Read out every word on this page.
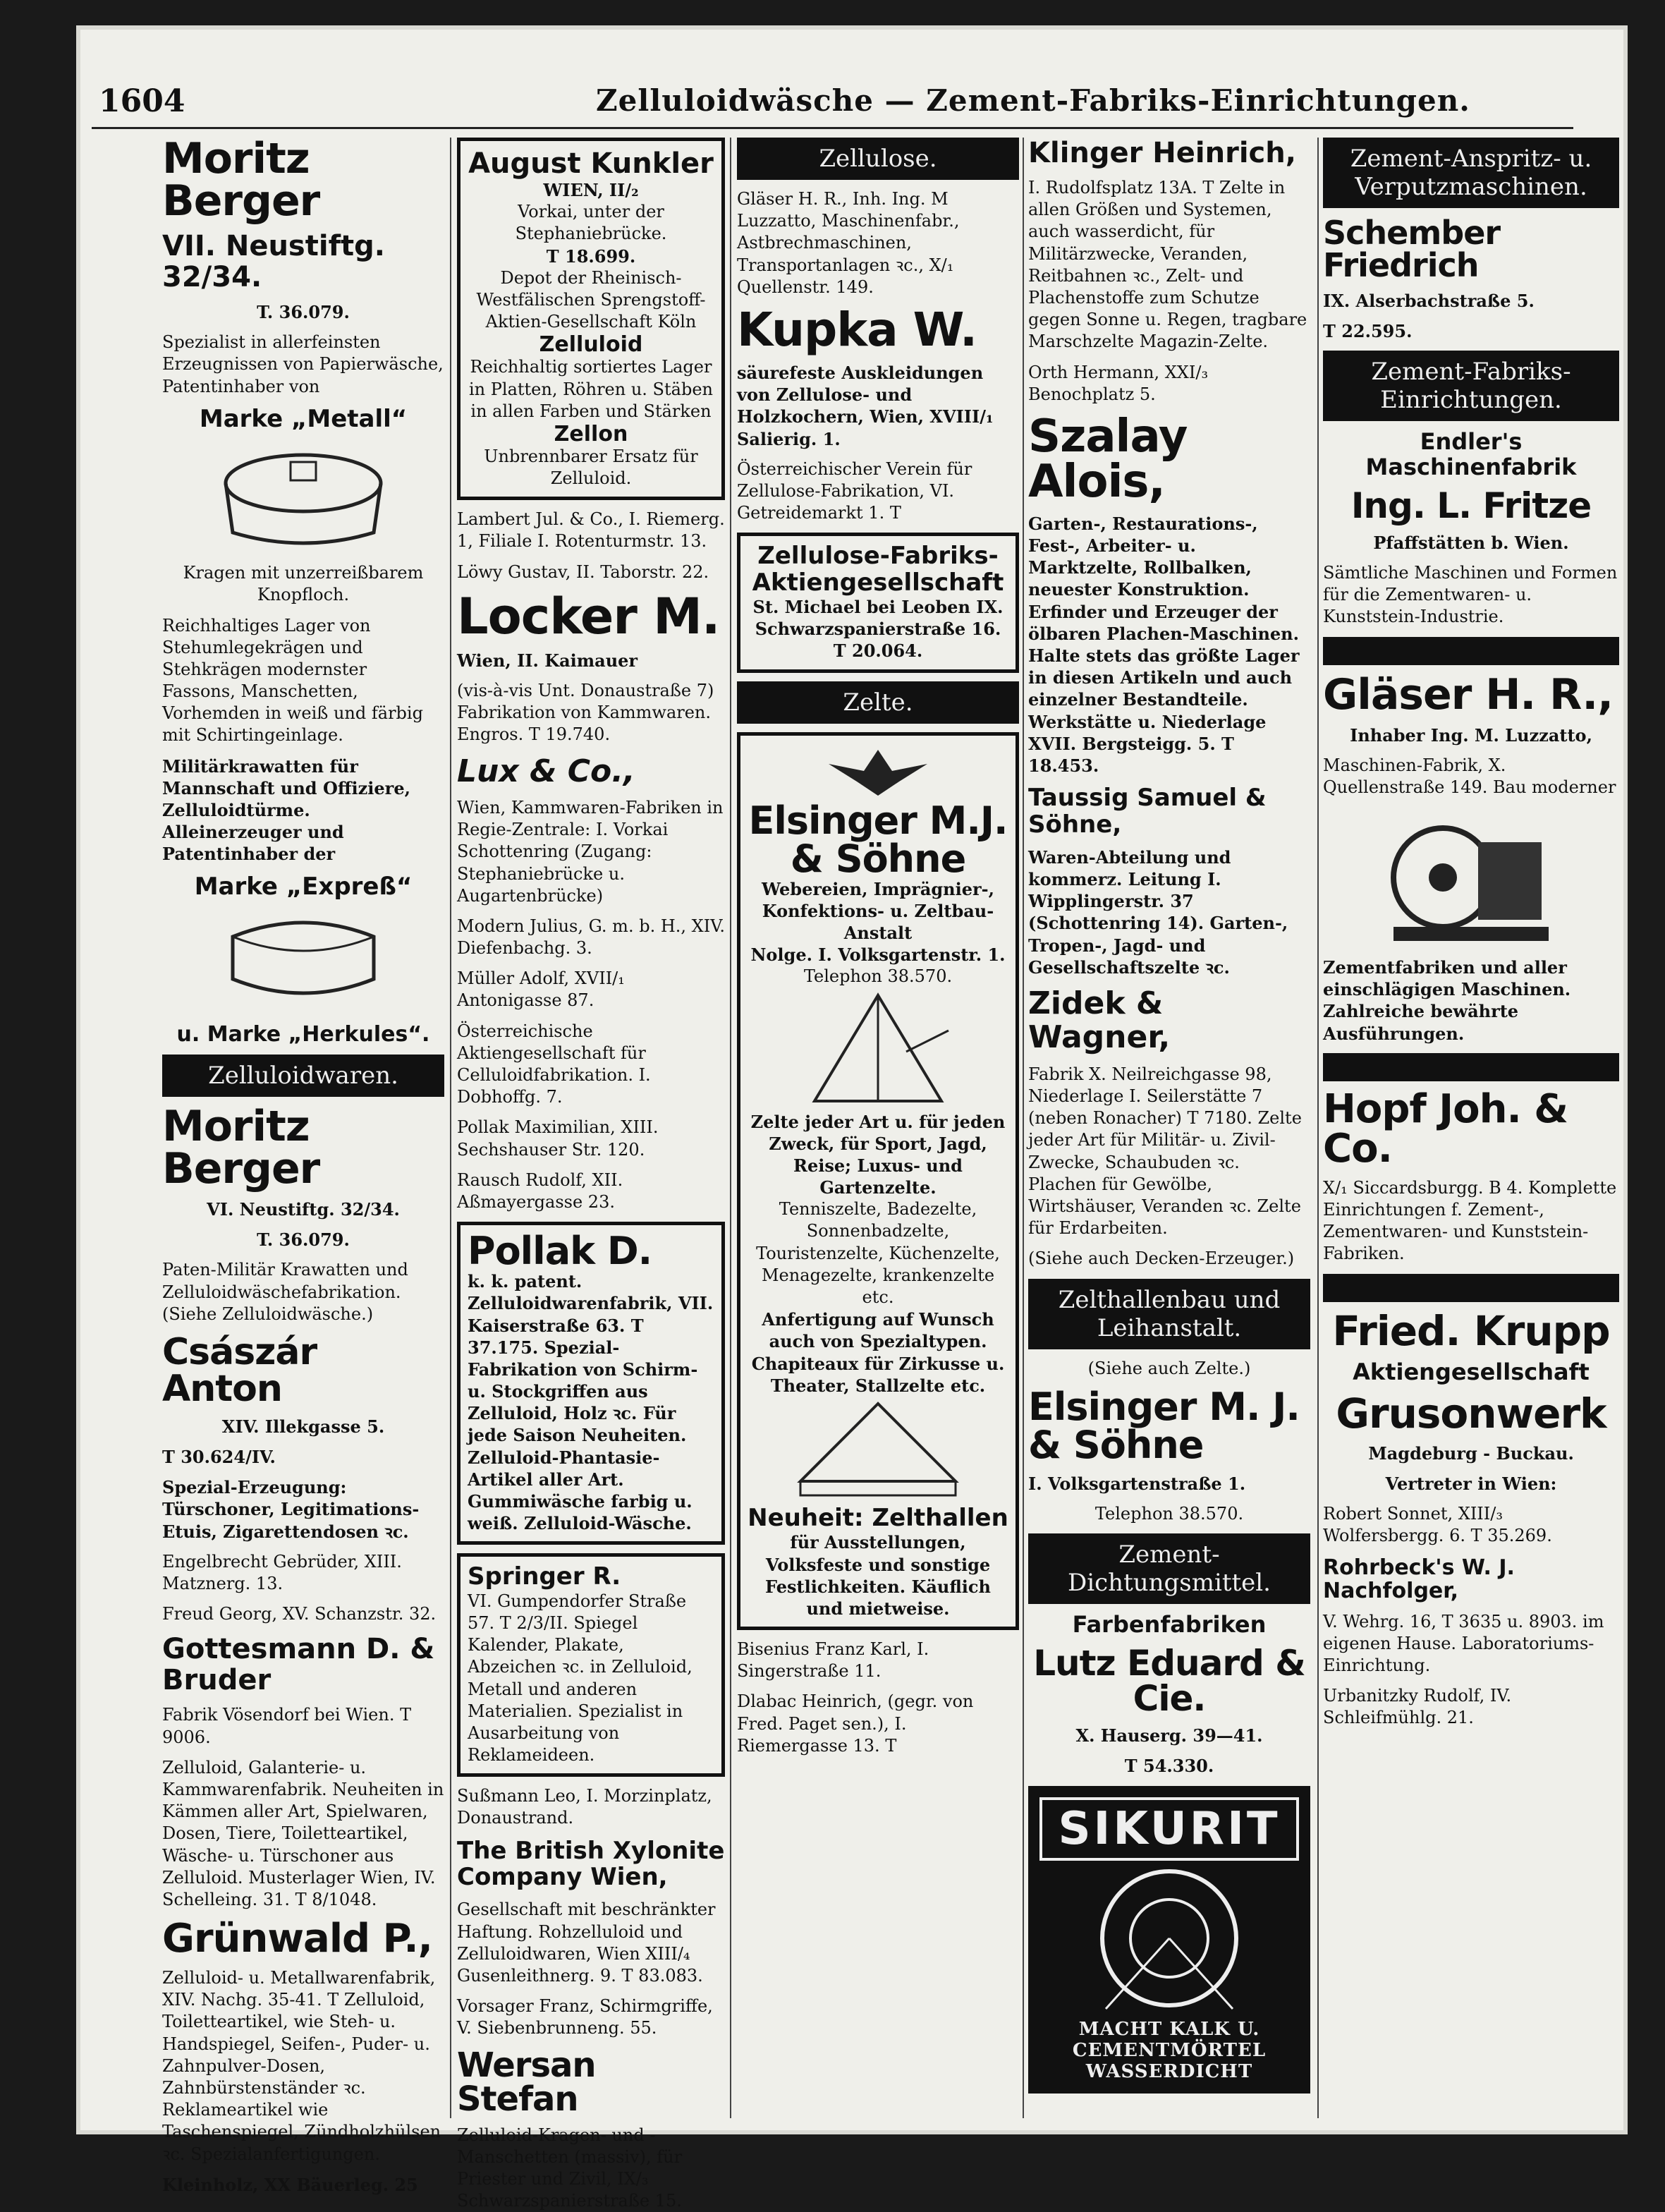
1604	Zelluloidwäsche — Zement-Fabriks-Einrichtungen.
Moritz Berger
VII. Neustiftg. 32/34.
T. 36.079.
Spezialist in allerfeinsten Erzeugnissen von Papierwäsche, Patentinhaber von
Marke „Metall“
Kragen mit unzerreißbarem Knopfloch.
Reichhaltiges Lager von Stehumlegekrägen und Stehkrägen modernster Fassons, Manschetten, Vorhemden in weiß und färbig mit Schirtingeinlage.
Militärkrawatten für Mannschaft und Offiziere, Zelluloidtürme. Alleinerzeuger und Patentinhaber der
Marke „Expreß“
u. Marke „Herkules“.
Zelluloidwaren.
Moritz Berger
VI. Neustiftg. 32/34.
T. 36.079.
Paten-Militär Krawatten und Zelluloidwäschefabrikation. (Siehe Zelluloidwäsche.)
Császár Anton
XIV. Illekgasse 5.
T 30.624/IV.
Spezial-Erzeugung: Türschoner, Legitimations-Etuis, Zigarettendosen ꝛc.
Engelbrecht Gebrüder, XIII. Matznerg. 13.
Freud Georg, XV. Schanzstr. 32.
Gottesmann D. & Bruder
Fabrik Vösendorf bei Wien. T 9006.
Zelluloid, Galanterie- u. Kammwarenfabrik. Neuheiten in Kämmen aller Art, Spielwaren, Dosen, Tiere, Toiletteartikel, Wäsche- u. Türschoner aus Zelluloid. Musterlager Wien, IV. Schelleing. 31. T 8/1048.
Grünwald P.,
Zelluloid- u. Metallwarenfabrik, XIV. Nachg. 35-41. T Zelluloid, Toiletteartikel, wie Steh- u. Handspiegel, Seifen-, Puder- u. Zahnpulver-Dosen, Zahnbürstenständer ꝛc. Reklameartikel wie Taschenspiegel, Zündholzhülsen ꝛc. Spezialanfertigungen.
Kleinholz, XX Bäuerleg. 25
August Kunkler
WIEN, II/₂
Vorkai, unter der Stephaniebrücke.
T 18.699.
Depot der Rheinisch-Westfälischen Sprengstoff-Aktien-Gesellschaft Köln
Zelluloid
Reichhaltig sortiertes Lager in Platten, Röhren u. Stäben in allen Farben und Stärken
Zellon
Unbrennbarer Ersatz für Zelluloid.
Lambert Jul. & Co., I. Riemerg. 1, Filiale I. Rotenturmstr. 13.
Löwy Gustav, II. Taborstr. 22.
Locker M.
Wien, II. Kaimauer
(vis-à-vis Unt. Donaustraße 7) Fabrikation von Kammwaren. Engros. T 19.740.
Lux & Co.,
Wien, Kammwaren-Fabriken in Regie-Zentrale: I. Vorkai Schottenring (Zugang: Stephaniebrücke u. Augartenbrücke)
Modern Julius, G. m. b. H., XIV. Diefenbachg. 3.
Müller Adolf, XVII/₁ Antonigasse 87.
Österreichische Aktiengesellschaft für Celluloidfabrikation. I. Dobhoffg. 7.
Pollak Maximilian, XIII. Sechshauser Str. 120.
Rausch Rudolf, XII. Aßmayergasse 23.
Pollak D.
k. k. patent. Zelluloidwarenfabrik, VII. Kaiserstraße 63. T 37.175. Spezial-Fabrikation von Schirm- u. Stockgriffen aus Zelluloid, Holz ꝛc. Für jede Saison Neuheiten. Zelluloid-Phantasie-Artikel aller Art. Gummiwäsche farbig u. weiß. Zelluloid-Wäsche.
Springer R.
VI. Gumpendorfer Straße 57. T 2/3/II. Spiegel Kalender, Plakate, Abzeichen ꝛc. in Zelluloid, Metall und anderen Materialien. Spezialist in Ausarbeitung von Reklameideen.
Sußmann Leo, I. Morzinplatz, Donaustrand.
The British Xylonite Company Wien,
Gesellschaft mit beschränkter Haftung. Rohzelluloid und Zelluloidwaren, Wien XIII/₄ Gusenleithnerg. 9. T 83.083.
Vorsager Franz, Schirmgriffe, V. Siebenbrunneng. 55.
Wersan Stefan
Zelluloid-Kragen- und -Manschetten (massiv), für Priester und Zivil, IX/₃ Schwarzspanierstraße 15.
Zellulose.
Gläser H. R., Inh. Ing. M Luzzatto, Maschinenfabr., Astbrechmaschinen, Transportanlagen ꝛc., X/₁ Quellenstr. 149.
Kupka W.
säurefeste Auskleidungen von Zellulose- und Holzkochern, Wien, XVIII/₁ Salierig. 1.
Österreichischer Verein für Zellulose-Fabrikation, VI. Getreidemarkt 1. T
Zellulose-Fabriks-Aktiengesellschaft
St. Michael bei Leoben IX. Schwarzspanierstraße 16. T 20.064.
Zelte.
Elsinger M.J. & Söhne
Webereien, Imprägnier-, Konfektions- u. Zeltbau-Anstalt
Nolge. I. Volksgartenstr. 1.
Telephon 38.570.
Zelte jeder Art u. für jeden Zweck, für Sport, Jagd, Reise; Luxus- und Gartenzelte.
Tenniszelte, Badezelte, Sonnenbadzelte, Touristenzelte, Küchenzelte, Menagezelte, krankenzelte etc.
Anfertigung auf Wunsch auch von Spezialtypen. Chapiteaux für Zirkusse u. Theater, Stallzelte etc.
Neuheit: Zelthallen
für Ausstellungen, Volksfeste und sonstige Festlichkeiten. Käuflich und mietweise.
Bisenius Franz Karl, I. Singerstraße 11.
Dlabac Heinrich, (gegr. von Fred. Paget sen.), I. Riemergasse 13. T
Klinger Heinrich,
I. Rudolfsplatz 13A. T Zelte in allen Größen und Systemen, auch wasserdicht, für Militärzwecke, Veranden, Reitbahnen ꝛc., Zelt- und Plachenstoffe zum Schutze gegen Sonne u. Regen, tragbare Marschzelte Magazin-Zelte.
Orth Hermann, XXI/₃ Benochplatz 5.
Szalay Alois,
Garten-, Restaurations-, Fest-, Arbeiter- u. Marktzelte, Rollbalken, neuester Konstruktion. Erfinder und Erzeuger der ölbaren Plachen-Maschinen. Halte stets das größte Lager in diesen Artikeln und auch einzelner Bestandteile. Werkstätte u. Niederlage XVII. Bergsteigg. 5. T 18.453.
Taussig Samuel & Söhne,
Waren-Abteilung und kommerz. Leitung I. Wipplingerstr. 37 (Schottenring 14). Garten-, Tropen-, Jagd- und Gesellschaftszelte ꝛc.
Zidek & Wagner,
Fabrik X. Neilreichgasse 98, Niederlage I. Seilerstätte 7 (neben Ronacher) T 7180. Zelte jeder Art für Militär- u. Zivil-Zwecke, Schaubuden ꝛc. Plachen für Gewölbe, Wirtshäuser, Veranden ꝛc. Zelte für Erdarbeiten.
(Siehe auch Decken-Erzeuger.)
Zelthallenbau und Leihanstalt.
(Siehe auch Zelte.)
Elsinger M. J. & Söhne
I. Volksgartenstraße 1.
Telephon 38.570.
Zement-Dichtungsmittel.
Farbenfabriken
Lutz Eduard & Cie.
X. Hauserg. 39—41.
T 54.330.
SIKURIT
MACHT KALK U.
CEMENTMÖRTEL
WASSERDICHT
Zement-Anspritz- u. Verputzmaschinen.
Schember Friedrich
IX. Alserbachstraße 5.
T 22.595.
Zement-Fabriks-Einrichtungen.
Endler's Maschinenfabrik
Ing. L. Fritze
Pfaffstätten b. Wien.
Sämtliche Maschinen und Formen für die Zementwaren- u. Kunststein-Industrie.
Gläser H. R.,
Inhaber Ing. M. Luzzatto,
Maschinen-Fabrik, X. Quellenstraße 149. Bau moderner
Zementfabriken und aller einschlägigen Maschinen. Zahlreiche bewährte Ausführungen.
Hopf Joh. & Co.
X/₁ Siccardsburgg. B 4. Komplette Einrichtungen f. Zement-, Zementwaren- und Kunststein-Fabriken.
Fried. Krupp
Aktiengesellschaft
Grusonwerk
Magdeburg - Buckau.
Vertreter in Wien:
Robert Sonnet, XIII/₃ Wolfersbergg. 6. T 35.269.
Rohrbeck's W. J. Nachfolger,
V. Wehrg. 16, T 3635 u. 8903. im eigenen Hause. Laboratoriums-Einrichtung.
Urbanitzky Rudolf, IV. Schleifmühlg. 21.
